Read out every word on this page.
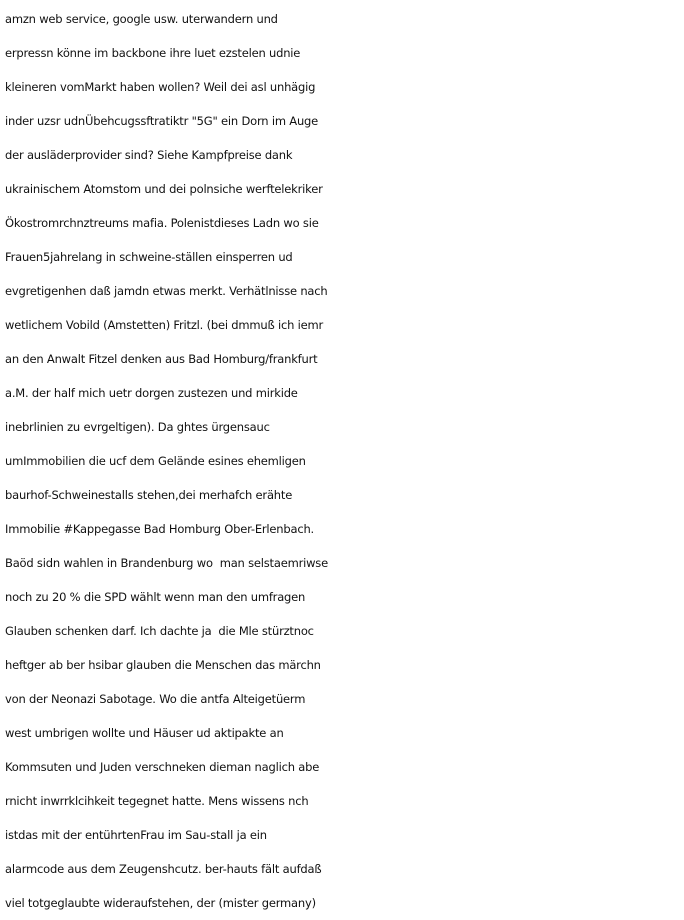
amzn web service, google usw. uterwandern und
erpressn könne im backbone ihre luet ezstelen udnie
kleineren vomMarkt haben wollen? Weil dei asl unhägig
inder uzsr udnÜbehcugssftratiktr "5G" ein Dorn im Auge
der ausläderprovider sind? Siehe Kampfpreise dank
ukrainischem Atomstom und dei polnsiche werftelekriker
Ökostromrchnztreums mafia. Polenistdieses Ladn wo sie
Frauen5jahrelang in schweine-ställen einsperren ud
evgretigenhen daß jamdn etwas merkt. Verhätlnisse nach
wetlichem Vobild (Amstetten) Fritzl. (bei dmmuß ich iemr
an den Anwalt Fitzel denken aus Bad Homburg/frankfurt
a.M. der half mich uetr dorgen zustezen und mirkide
inebrlinien zu evrgeltigen). Da ghtes ürgensauc
umImmobilien die ucf dem Gelände esines ehemligen
baurhof-Schweinestalls stehen,dei merhafch erähte
Immobilie #Kappegasse Bad Homburg Ober-Erlenbach.
Baöd sidn wahlen in Brandenburg wo  man selstaemriwse
noch zu 20 % die SPD wählt wenn man den umfragen
Glauben schenken darf. Ich dachte ja  die Mle stürztnoc
heftger ab ber hsibar glauben die Menschen das märchn
von der Neonazi Sabotage. Wo die antfa Alteigetüerm
west umbrigen wollte und Häuser ud aktipakte an
Kommsuten und Juden verschneken dieman naglich abe
rnicht inwrrklcihkeit tegegnet hatte. Mens wissens nch
istdas mit der entührtenFrau im Sau-stall ja ein
alarmcode aus dem Zeugenshcutz. ber-hauts fält aufdaß
viel totgeglaubte wideraufstehen, der (mister germany)
